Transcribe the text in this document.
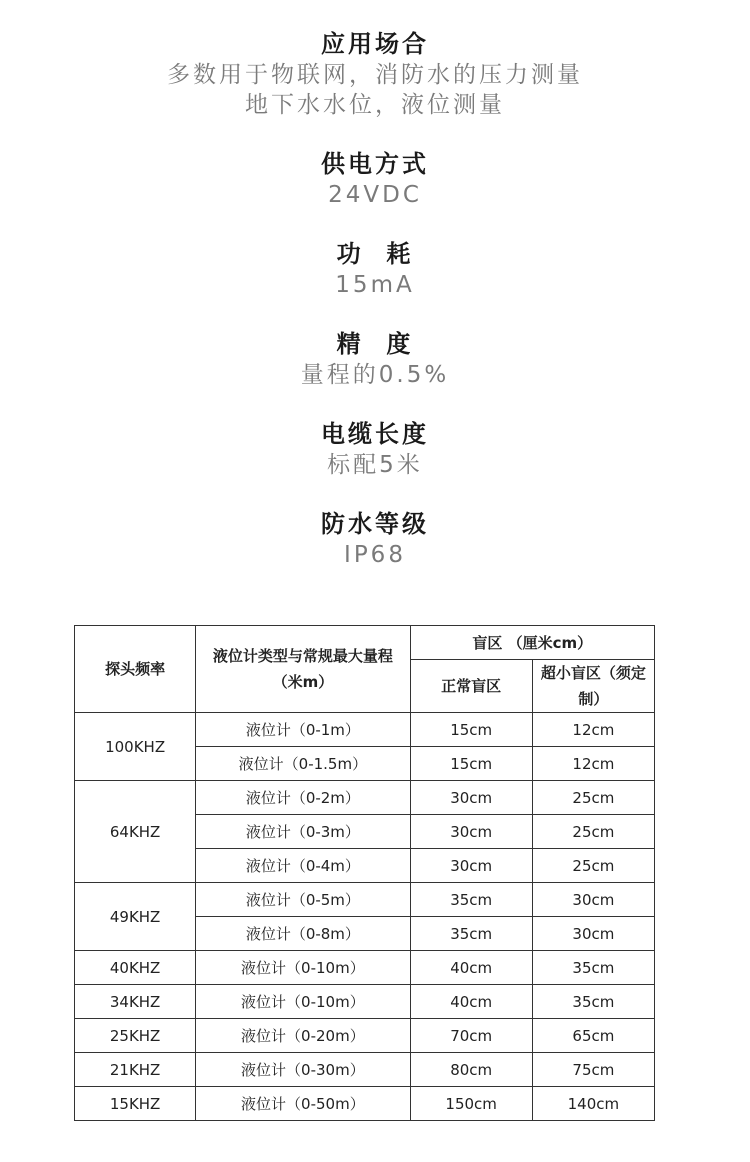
应用场合
多数用于物联网，消防水的压力测量
地下水水位，液位测量
供电方式
24VDC
功  耗
15mA
精  度
量程的0.5%
电缆长度
标配5米
防水等级
IP68
探头频率	液位计类型与常规最大量程（米m）	盲区 （厘米cm）	
		正常盲区	超小盲区（须定制）
100KHZ	液位计（0-1m）	15cm	12cm
	液位计（0-1.5m）	15cm	12cm
64KHZ	液位计（0-2m）	30cm	25cm
	液位计（0-3m）	30cm	25cm
	液位计（0-4m）	30cm	25cm
49KHZ	液位计（0-5m）	35cm	30cm
	液位计（0-8m）	35cm	30cm
40KHZ	液位计（0-10m）	40cm	35cm
34KHZ	液位计（0-10m）	40cm	35cm
25KHZ	液位计（0-20m）	70cm	65cm
21KHZ	液位计（0-30m）	80cm	75cm
15KHZ	液位计（0-50m）	150cm	140cm
